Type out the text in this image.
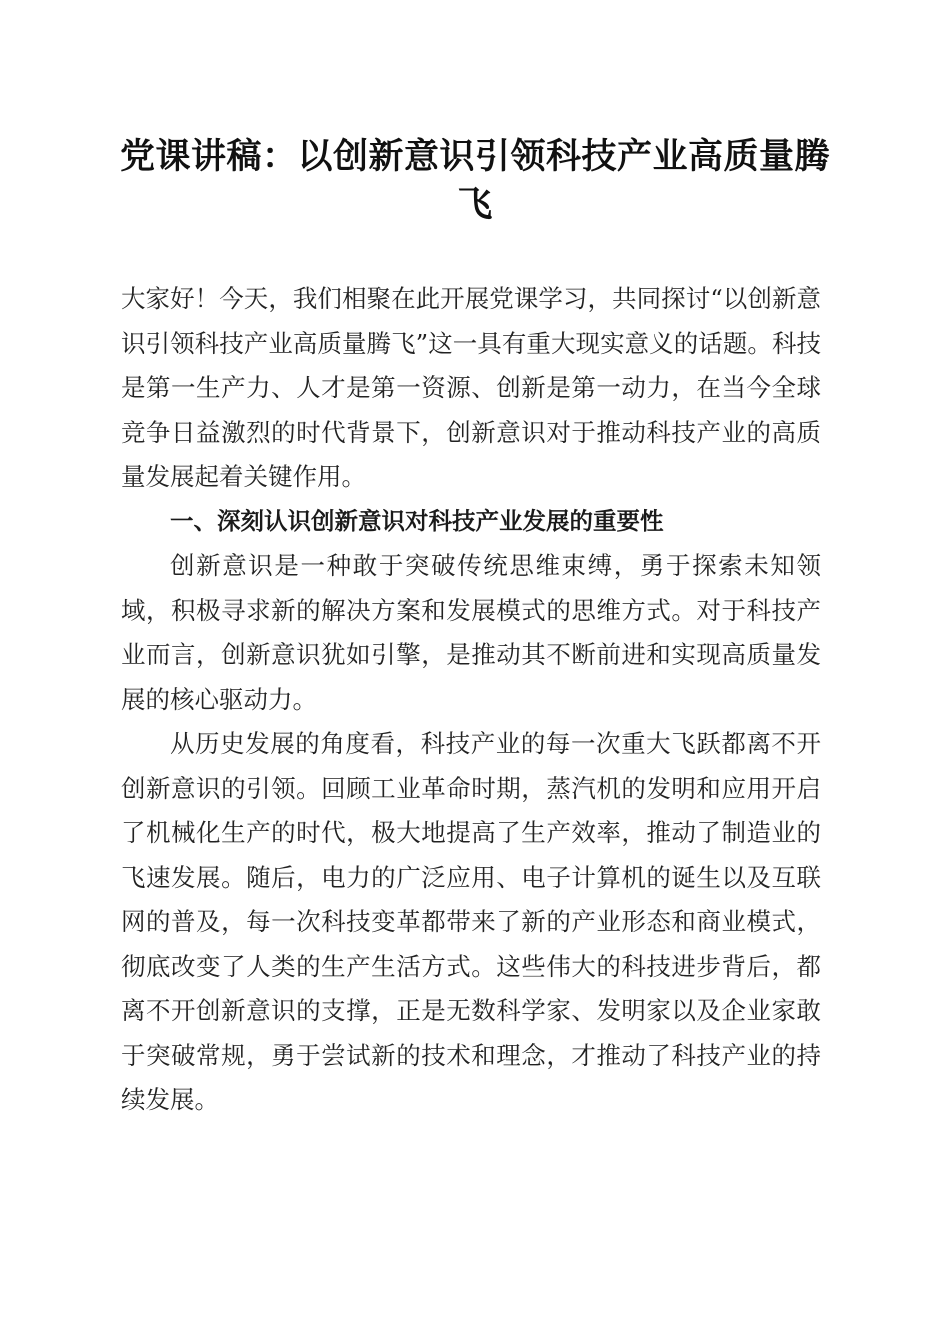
党课讲稿：以创新意识引领科技产业高质量腾飞

大家好！今天，我们相聚在此开展党课学习，共同探讨“以创新意识引领科技产业高质量腾飞”这一具有重大现实意义的话题。科技是第一生产力、人才是第一资源、创新是第一动力，在当今全球竞争日益激烈的时代背景下，创新意识对于推动科技产业的高质量发展起着关键作用。

一、深刻认识创新意识对科技产业发展的重要性

创新意识是一种敢于突破传统思维束缚，勇于探索未知领域，积极寻求新的解决方案和发展模式的思维方式。对于科技产业而言，创新意识犹如引擎，是推动其不断前进和实现高质量发展的核心驱动力。

从历史发展的角度看，科技产业的每一次重大飞跃都离不开创新意识的引领。回顾工业革命时期，蒸汽机的发明和应用开启了机械化生产的时代，极大地提高了生产效率，推动了制造业的飞速发展。随后，电力的广泛应用、电子计算机的诞生以及互联网的普及，每一次科技变革都带来了新的产业形态和商业模式，彻底改变了人类的生产生活方式。这些伟大的科技进步背后，都离不开创新意识的支撑，正是无数科学家、发明家以及企业家敢于突破常规，勇于尝试新的技术和理念，才推动了科技产业的持续发展。
